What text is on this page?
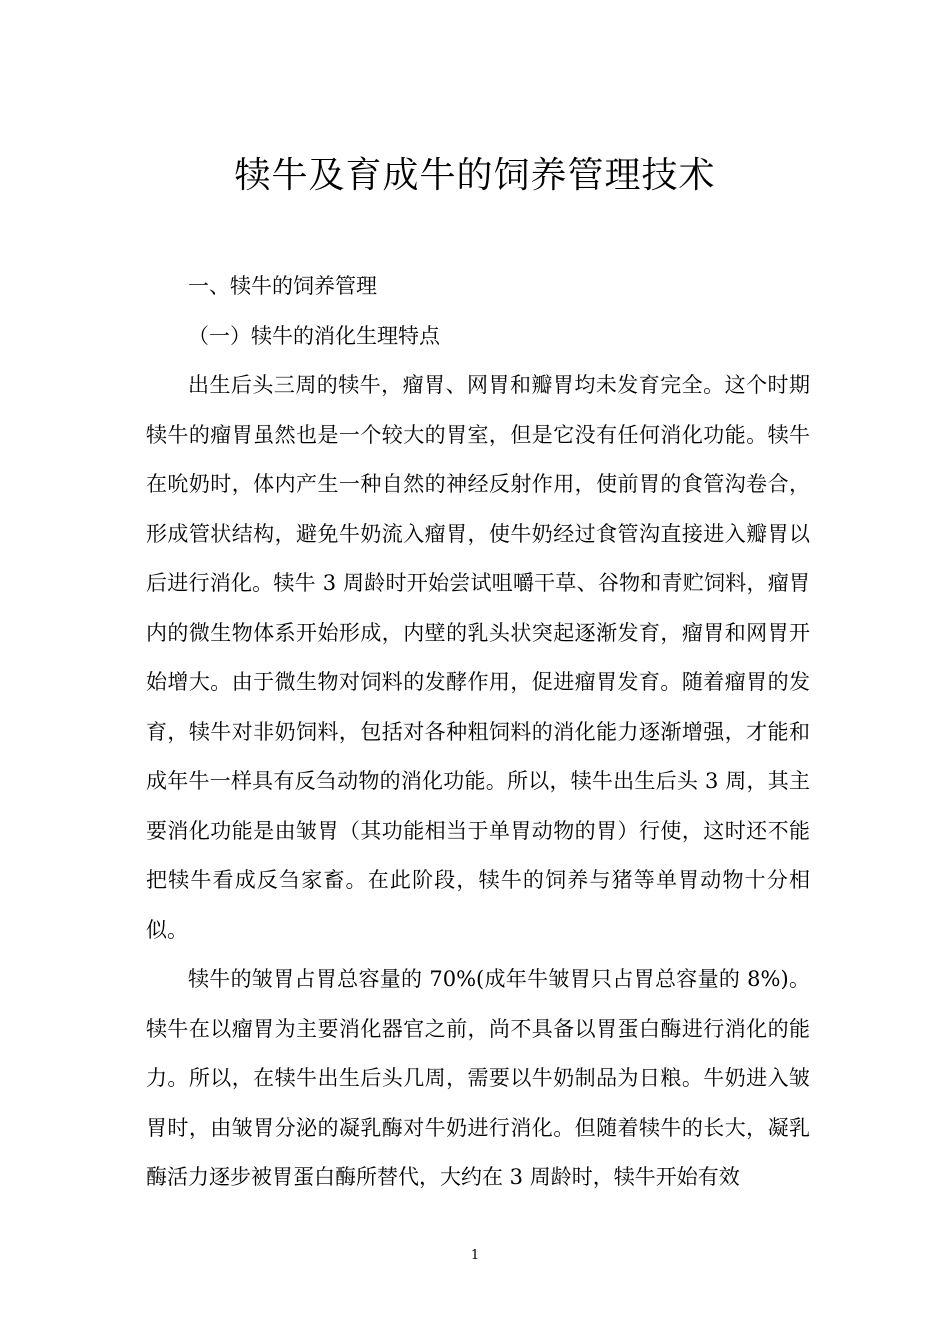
犊牛及育成牛的饲养管理技术

一、犊牛的饲养管理

（一）犊牛的消化生理特点

出生后头三周的犊牛，瘤胃、网胃和瓣胃均未发育完全。这个时期犊牛的瘤胃虽然也是一个较大的胃室，但是它没有任何消化功能。犊牛在吮奶时，体内产生一种自然的神经反射作用，使前胃的食管沟卷合，形成管状结构，避免牛奶流入瘤胃，使牛奶经过食管沟直接进入瓣胃以后进行消化。犊牛 3 周龄时开始尝试咀嚼干草、谷物和青贮饲料，瘤胃内的微生物体系开始形成，内壁的乳头状突起逐渐发育，瘤胃和网胃开始增大。由于微生物对饲料的发酵作用，促进瘤胃发育。随着瘤胃的发育，犊牛对非奶饲料，包括对各种粗饲料的消化能力逐渐增强，才能和成年牛一样具有反刍动物的消化功能。所以，犊牛出生后头 3 周，其主要消化功能是由皱胃（其功能相当于单胃动物的胃）行使，这时还不能把犊牛看成反刍家畜。在此阶段，犊牛的饲养与猪等单胃动物十分相似。

犊牛的皱胃占胃总容量的 70%(成年牛皱胃只占胃总容量的 8%)。犊牛在以瘤胃为主要消化器官之前，尚不具备以胃蛋白酶进行消化的能力。所以，在犊牛出生后头几周，需要以牛奶制品为日粮。牛奶进入皱胃时，由皱胃分泌的凝乳酶对牛奶进行消化。但随着犊牛的长大，凝乳酶活力逐步被胃蛋白酶所替代，大约在 3 周龄时，犊牛开始有效

1
